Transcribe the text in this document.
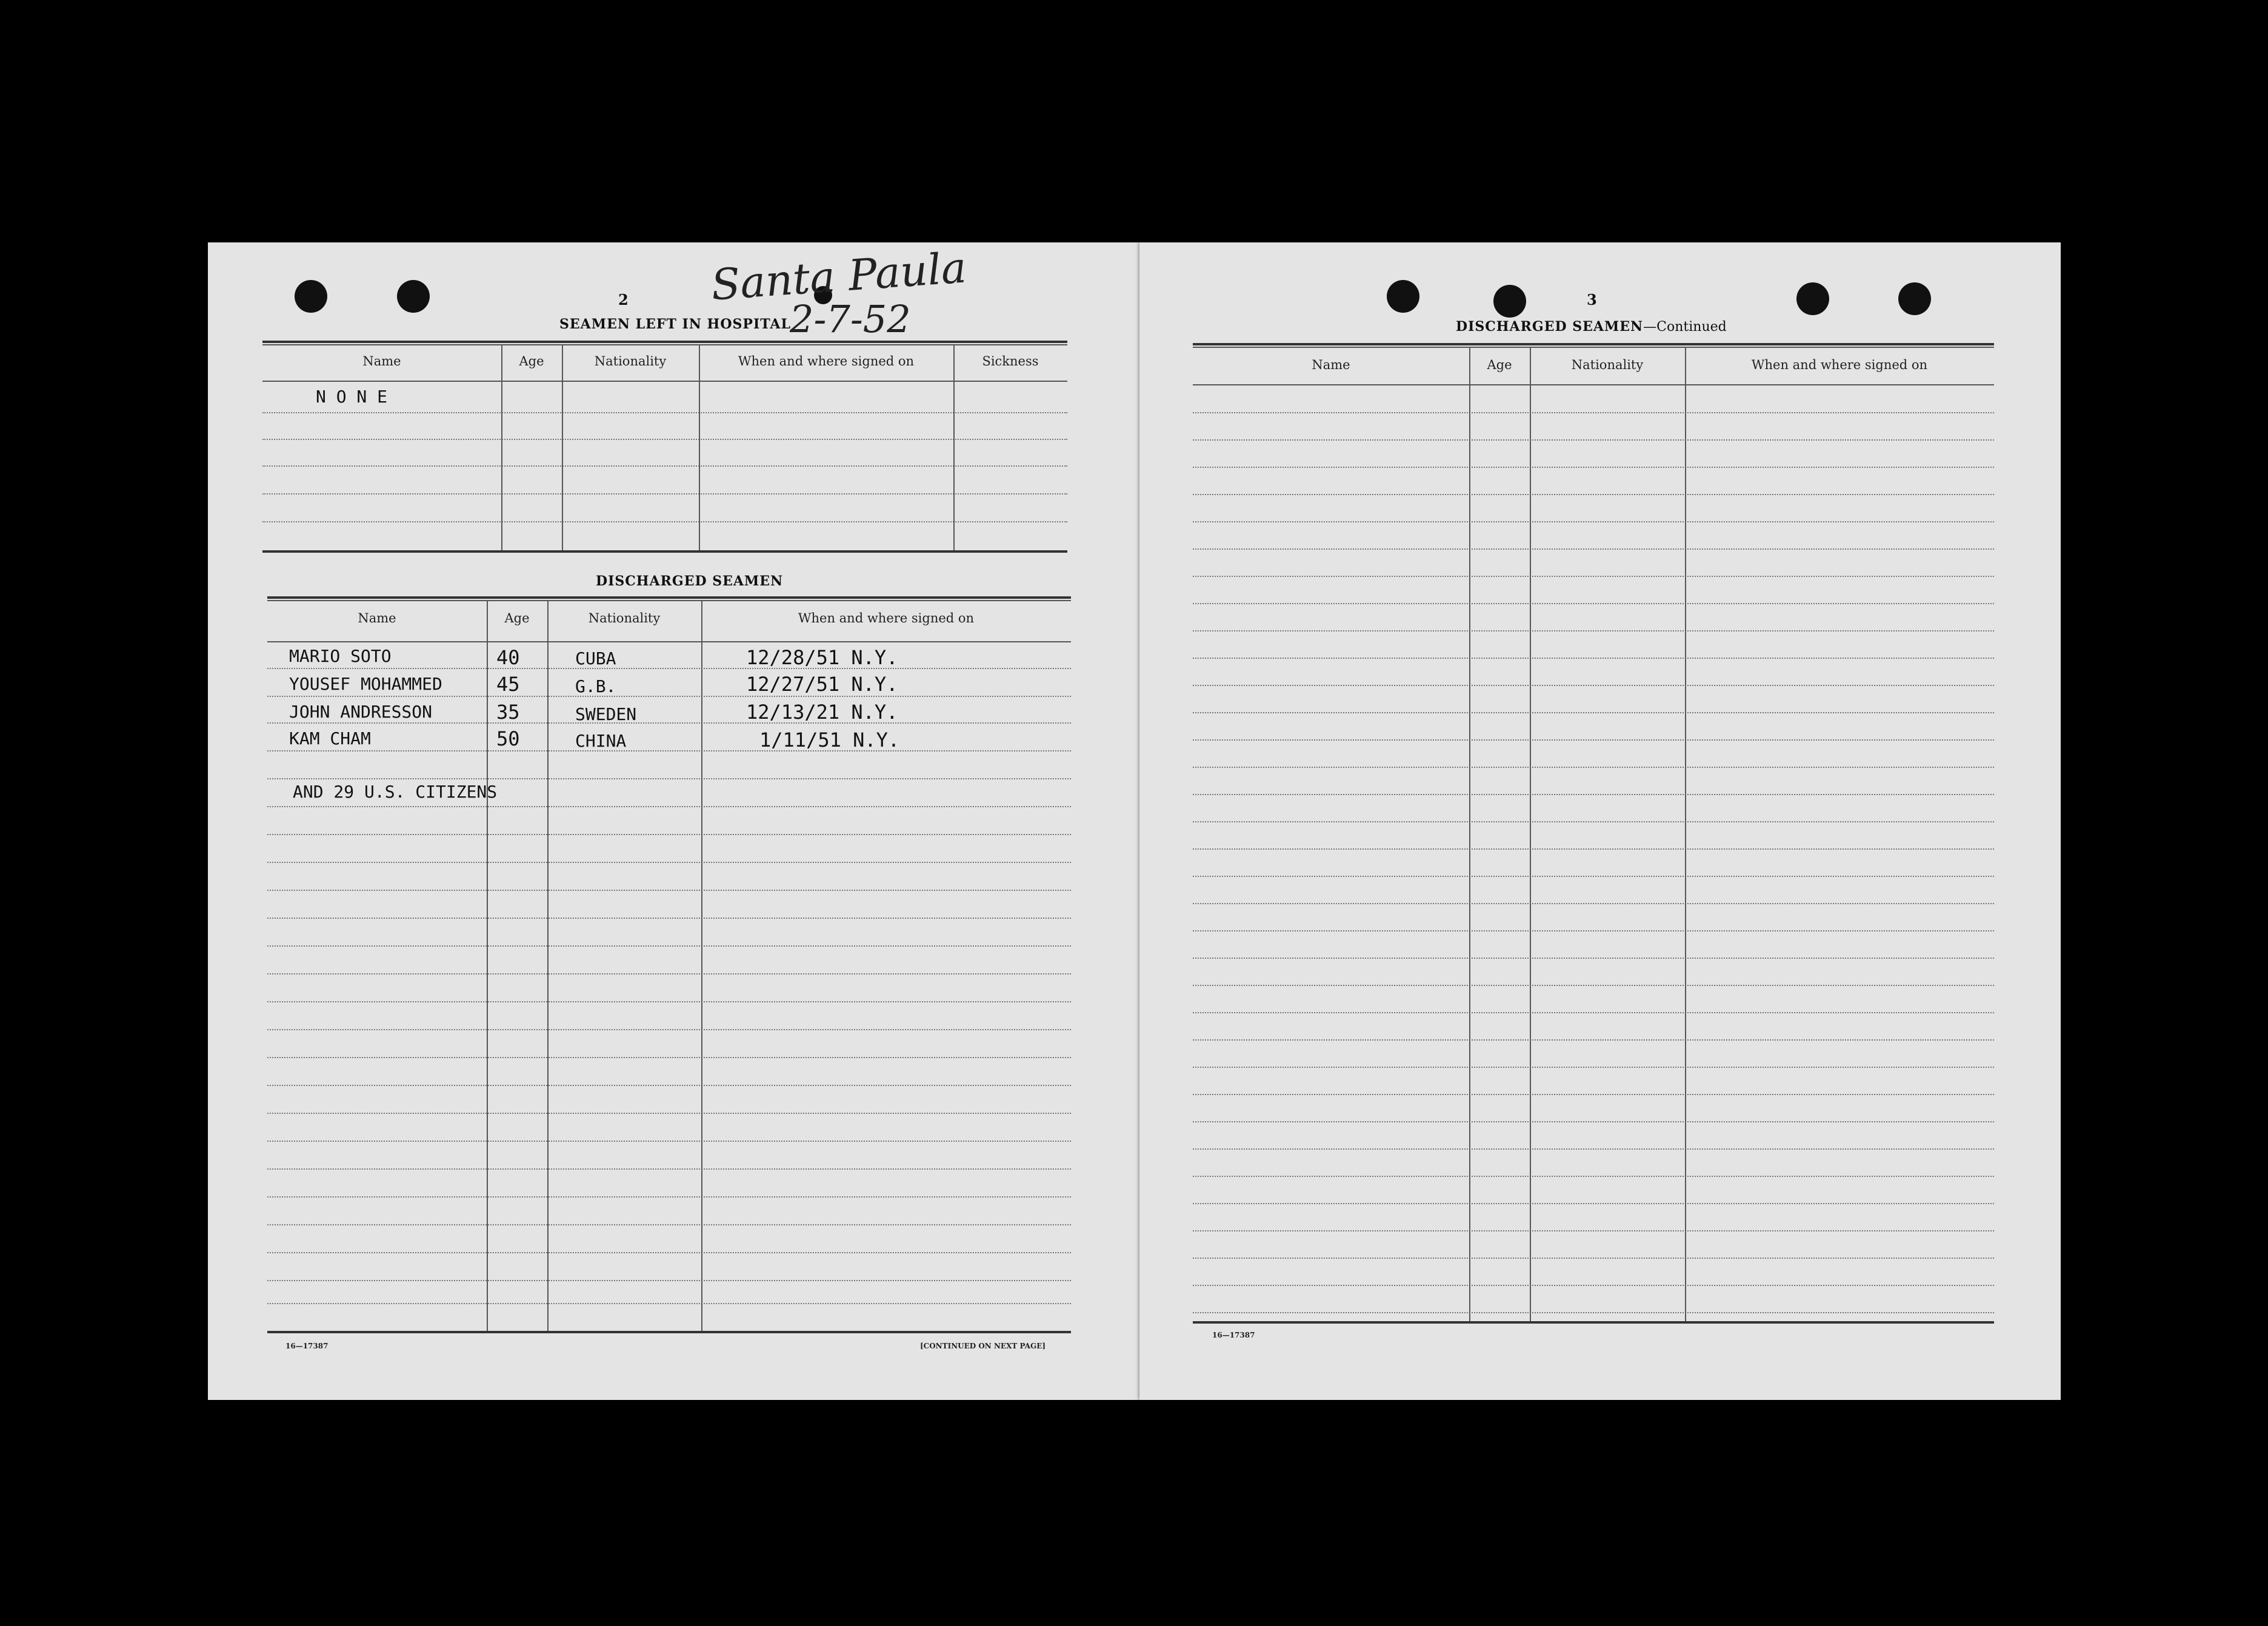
2 Santa Paula
2-7-52
SEAMEN LEFT IN HOSPITAL
Name	Age	Nationality	When and where signed on	Sickness
N O N E
DISCHARGED SEAMEN
Name	Age	Nationality	When and where signed on
MARIO SOTO	40	CUBA	12/28/51 N.Y.
YOUSEF MOHAMMED	45	G.B.	12/27/51 N.Y.
JOHN ANDRESSON	35	SWEDEN	12/13/21 N.Y.
KAM CHAM	50	CHINA	1/11/51 N.Y.
AND 29 U.S. CITIZENS
16—17387	[CONTINUED ON NEXT PAGE]
3
DISCHARGED SEAMEN—Continued
Name	Age	Nationality	When and where signed on
16—17387
